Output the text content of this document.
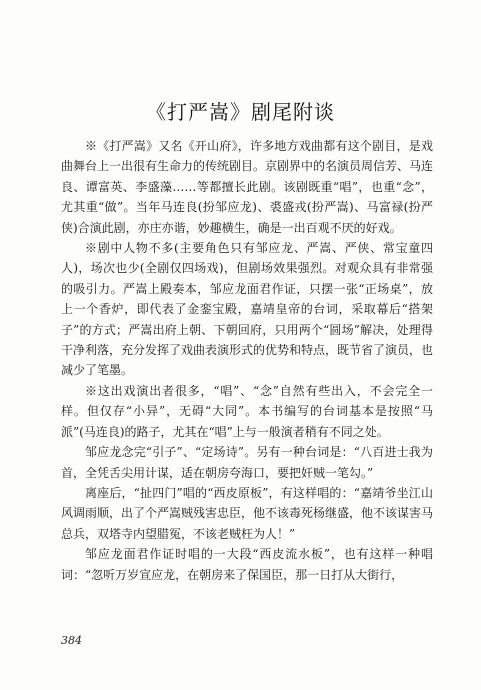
《打严嵩》剧尾附谈

※《打严嵩》又名《开山府》，许多地方戏曲都有这个剧目，是戏曲舞台上一出很有生命力的传统剧目。京剧界中的名演员周信芳、马连良、谭富英、李盛藻……等都擅长此剧。该剧既重“唱”，也重“念”，尤其重“做”。当年马连良(扮邹应龙)、裘盛戎(扮严嵩)、马富禄(扮严侠)合演此剧，亦庄亦谐，妙趣横生，确是一出百观不厌的好戏。

※剧中人物不多(主要角色只有邹应龙、严嵩、严侠、常宝童四人)，场次也少(全剧仅四场戏)，但剧场效果强烈。对观众具有非常强的吸引力。严嵩上殿奏本，邹应龙面君作证，只摆一张“正场桌”，放上一个香炉，即代表了金銮宝殿，嘉靖皇帝的台词，采取幕后“搭架子”的方式；严嵩出府上朝、下朝回府，只用两个“圆场”解决，处理得干净利落，充分发挥了戏曲表演形式的优势和特点，既节省了演员，也减少了笔墨。

※这出戏演出者很多，“唱”、“念”自然有些出入，不会完全一样。但仅存“小异”，无碍“大同”。本书编写的台词基本是按照“马派”(马连良)的路子，尤其在“唱”上与一般演者稍有不同之处。

邹应龙念完“引子”、“定场诗”。另有一种台词是：“八百进士我为首，全凭舌尖用计谋，适在朝房夸海口，要把奸贼一笔勾。”

离座后，“扯四门”唱的“西皮原板”，有这样唱的：“嘉靖爷坐江山风调雨顺，出了个严嵩贼残害忠臣，他不该毒死杨继盛，他不该谋害马总兵，双塔寺内望腊冤，不该老贼枉为人！”

邹应龙面君作证时唱的一大段“西皮流水板”，也有这样一种唱词：“忽听万岁宣应龙，在朝房来了保国臣，那一日打从大街行，

384
